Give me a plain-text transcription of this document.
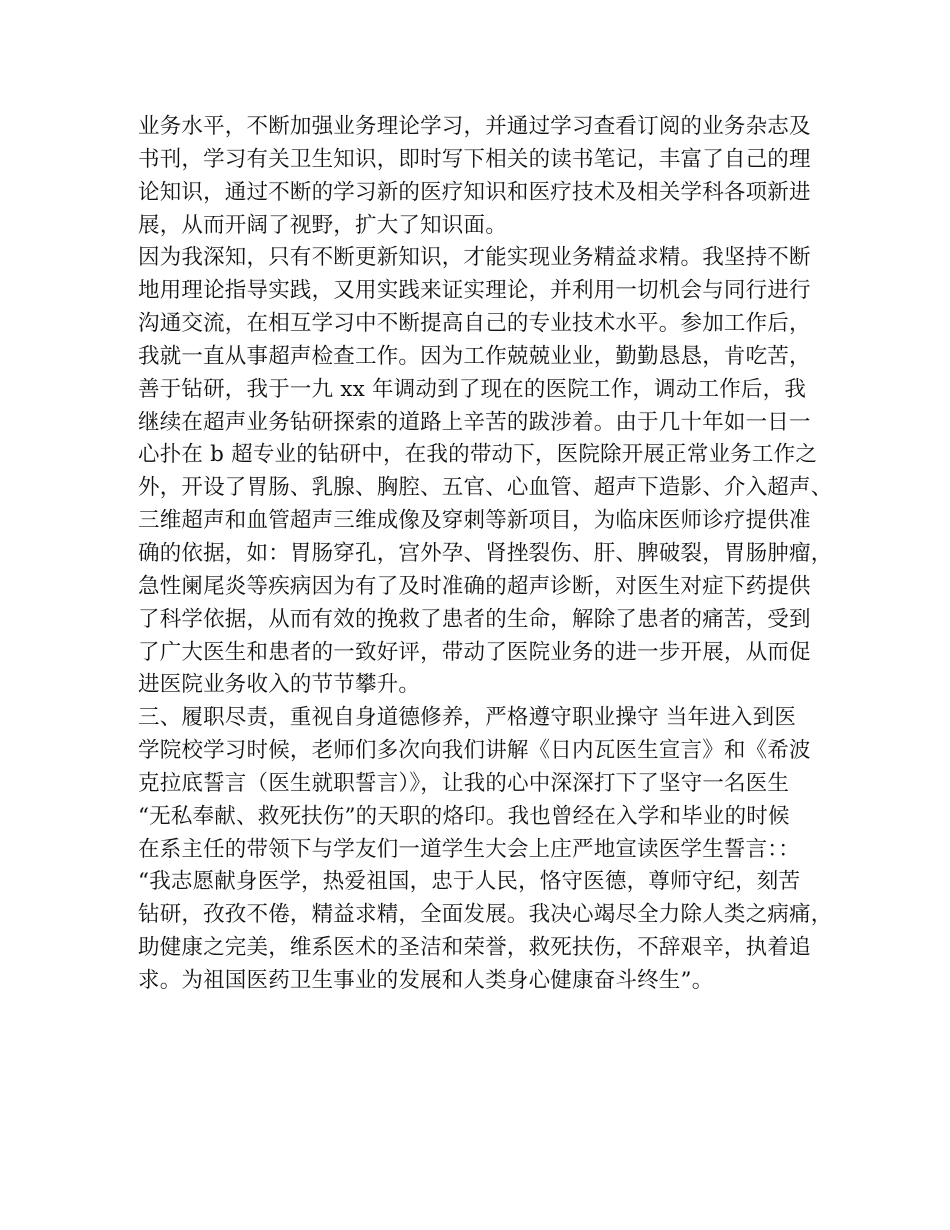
业务水平，不断加强业务理论学习，并通过学习查看订阅的业务杂志及
书刊，学习有关卫生知识，即时写下相关的读书笔记，丰富了自己的理
论知识，通过不断的学习新的医疗知识和医疗技术及相关学科各项新进
展，从而开阔了视野，扩大了知识面。
因为我深知，只有不断更新知识，才能实现业务精益求精。我坚持不断
地用理论指导实践，又用实践来证实理论，并利用一切机会与同行进行
沟通交流，在相互学习中不断提高自己的专业技术水平。参加工作后，
我就一直从事超声检查工作。因为工作兢兢业业，勤勤恳恳，肯吃苦，
善于钻研，我于一九 xx 年调动到了现在的医院工作，调动工作后，我
继续在超声业务钻研探索的道路上辛苦的跋涉着。由于几十年如一日一
心扑在 b 超专业的钻研中，在我的带动下，医院除开展正常业务工作之
外，开设了胃肠、乳腺、胸腔、五官、心血管、超声下造影、介入超声、
三维超声和血管超声三维成像及穿刺等新项目，为临床医师诊疗提供准
确的依据，如：胃肠穿孔，宫外孕、肾挫裂伤、肝、脾破裂，胃肠肿瘤，
急性阑尾炎等疾病因为有了及时准确的超声诊断，对医生对症下药提供
了科学依据，从而有效的挽救了患者的生命，解除了患者的痛苦，受到
了广大医生和患者的一致好评，带动了医院业务的进一步开展，从而促
进医院业务收入的节节攀升。
三、履职尽责，重视自身道德修养，严格遵守职业操守 当年进入到医
学院校学习时候，老师们多次向我们讲解《日内瓦医生宣言》和《希波
克拉底誓言（医生就职誓言）》，让我的心中深深打下了坚守一名医生
“无私奉献、救死扶伤”的天职的烙印。我也曾经在入学和毕业的时候
在系主任的带领下与学友们一道学生大会上庄严地宣读医学生誓言：：
“我志愿献身医学，热爱祖国，忠于人民，恪守医德，尊师守纪，刻苦
钻研，孜孜不倦，精益求精，全面发展。我决心竭尽全力除人类之病痛，
助健康之完美，维系医术的圣洁和荣誉，救死扶伤，不辞艰辛，执着追
求。为祖国医药卫生事业的发展和人类身心健康奋斗终生”。
